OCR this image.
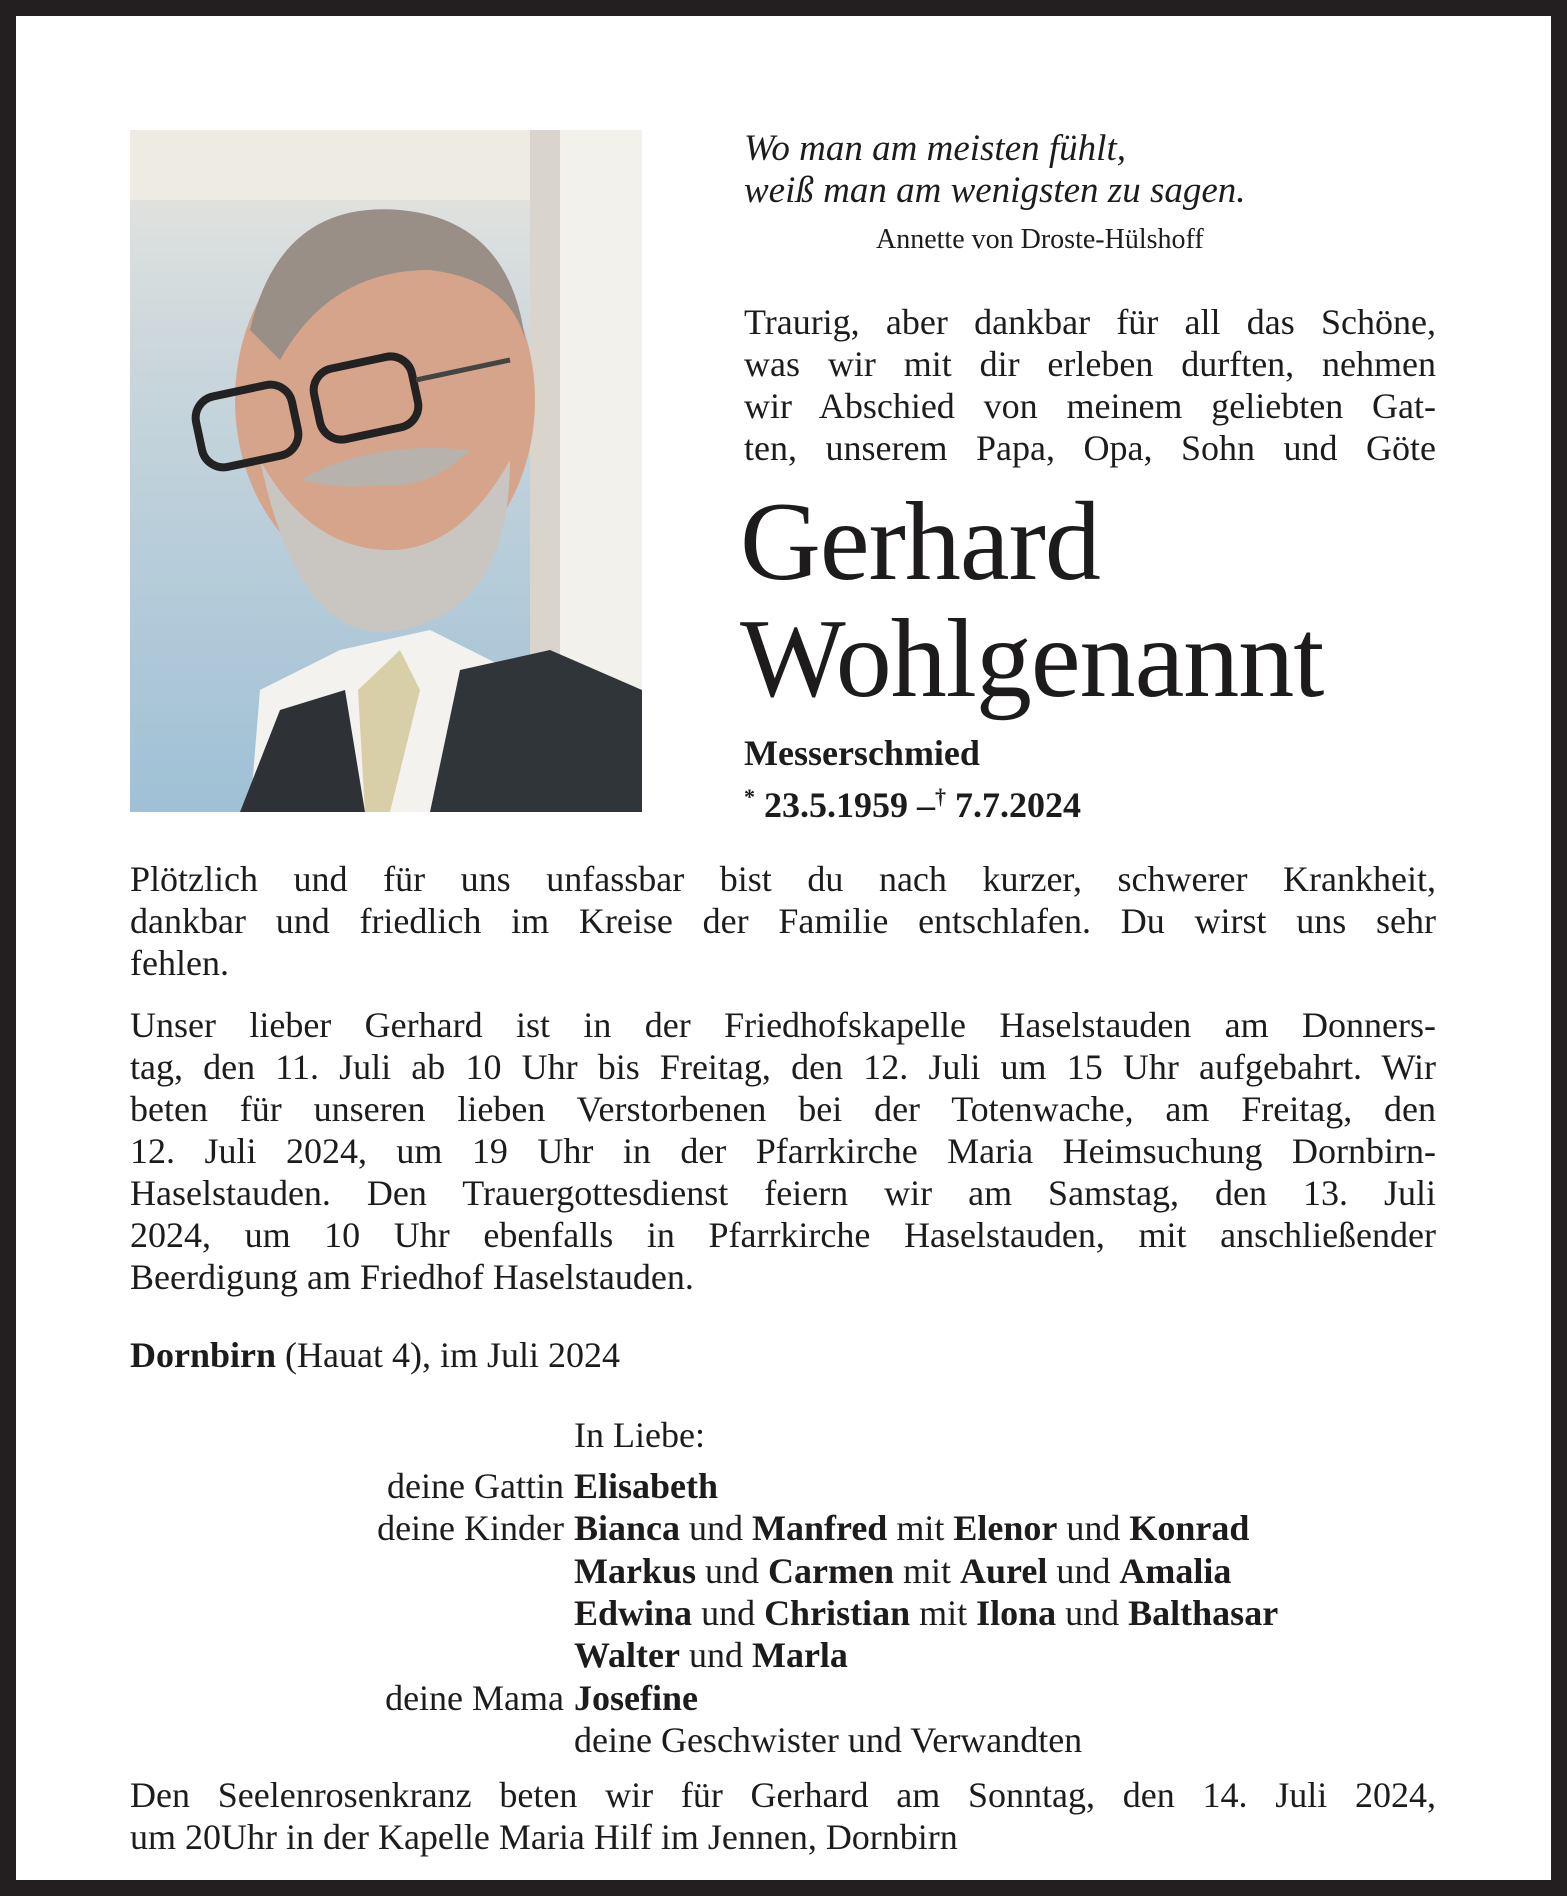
Wo man am meisten fühlt,
weiß man am wenigsten zu sagen.
Annette von Droste-Hülshoff
Traurig, aber dankbar für all das Schöne,
was wir mit dir erleben durften, nehmen
wir Abschied von meinem geliebten Gat-
ten, unserem Papa, Opa, Sohn und Göte
Gerhard
Wohlgenannt
Messerschmied
* 23.5.1959 –† 7.7.2024
Plötzlich und für uns unfassbar bist du nach kurzer, schwerer Krankheit,
dankbar und friedlich im Kreise der Familie entschlafen. Du wirst uns sehr
fehlen.
Unser lieber Gerhard ist in der Friedhofskapelle Haselstauden am Donners-
tag, den 11. Juli ab 10 Uhr bis Freitag, den 12. Juli um 15 Uhr aufgebahrt. Wir
beten für unseren lieben Verstorbenen bei der Totenwache, am Freitag, den
12. Juli 2024, um 19 Uhr in der Pfarrkirche Maria Heimsuchung Dornbirn-
Haselstauden. Den Trauergottesdienst feiern wir am Samstag, den 13. Juli
2024, um 10 Uhr ebenfalls in Pfarrkirche Haselstauden, mit anschließender
Beerdigung am Friedhof Haselstauden.
Dornbirn (Hauat 4), im Juli 2024
In Liebe:
deine Gattin Elisabeth
deine Kinder Bianca und Manfred mit Elenor und Konrad
Markus und Carmen mit Aurel und Amalia
Edwina und Christian mit Ilona und Balthasar
Walter und Marla
deine Mama Josefine
deine Geschwister und Verwandten
Den Seelenrosenkranz beten wir für Gerhard am Sonntag, den 14. Juli 2024,
um 20Uhr in der Kapelle Maria Hilf im Jennen, Dornbirn
